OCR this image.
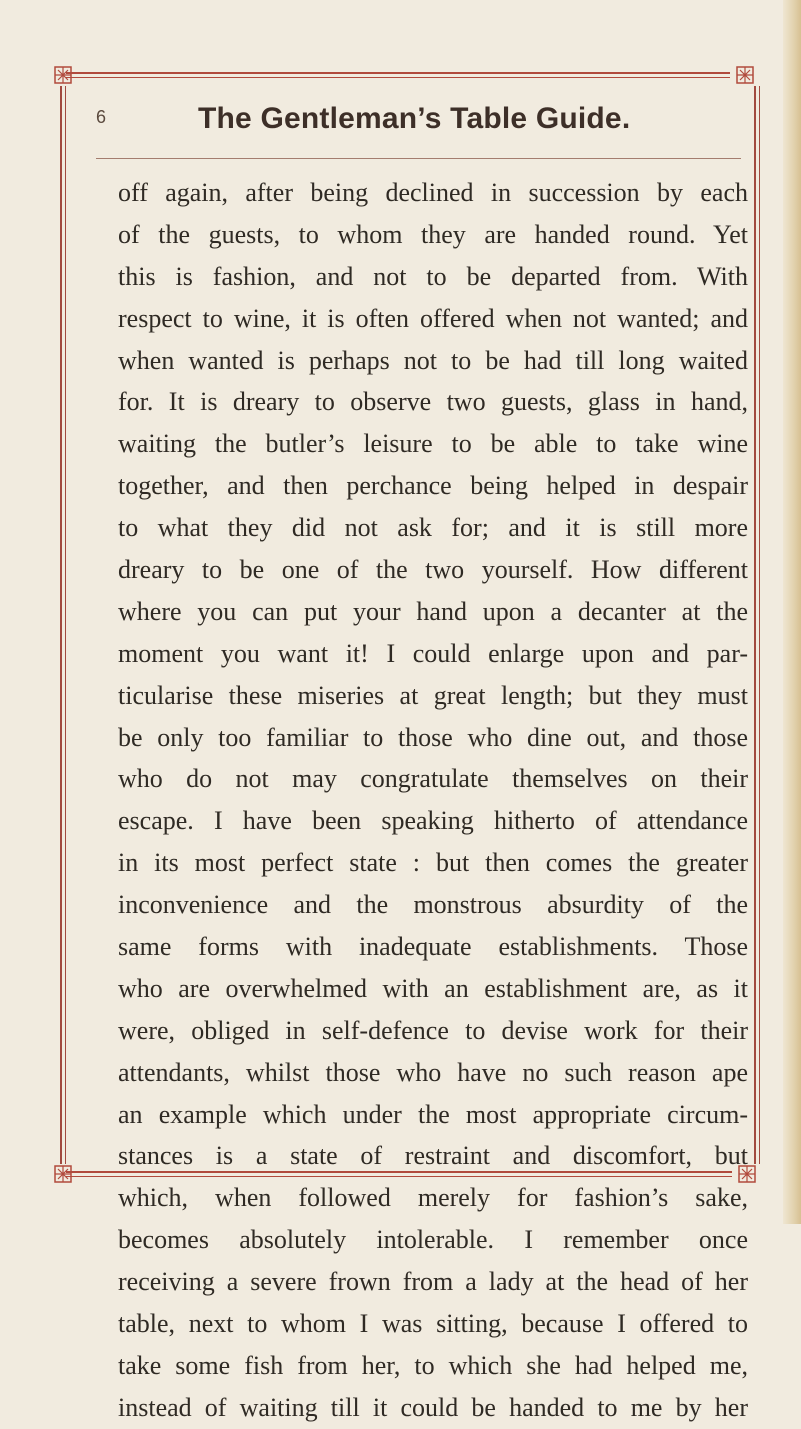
6	The Gentleman’s Table Guide.
off again, after being declined in succession by each
of the guests, to whom they are handed round. Yet
this is fashion, and not to be departed from. With
respect to wine, it is often offered when not wanted; and
when wanted is perhaps not to be had till long waited
for. It is dreary to observe two guests, glass in hand,
waiting the butler’s leisure to be able to take wine
together, and then perchance being helped in despair
to what they did not ask for; and it is still more
dreary to be one of the two yourself. How different
where you can put your hand upon a decanter at the
moment you want it! I could enlarge upon and par-
ticularise these miseries at great length; but they must
be only too familiar to those who dine out, and those
who do not may congratulate themselves on their
escape. I have been speaking hitherto of attendance
in its most perfect state : but then comes the greater
inconvenience and the monstrous absurdity of the
same forms with inadequate establishments. Those
who are overwhelmed with an establishment are, as it
were, obliged in self-defence to devise work for their
attendants, whilst those who have no such reason ape
an example which under the most appropriate circum-
stances is a state of restraint and discomfort, but
which, when followed merely for fashion’s sake,
becomes absolutely intolerable. I remember once
receiving a severe frown from a lady at the head of her
table, next to whom I was sitting, because I offered to
take some fish from her, to which she had helped me,
instead of waiting till it could be handed to me by her
